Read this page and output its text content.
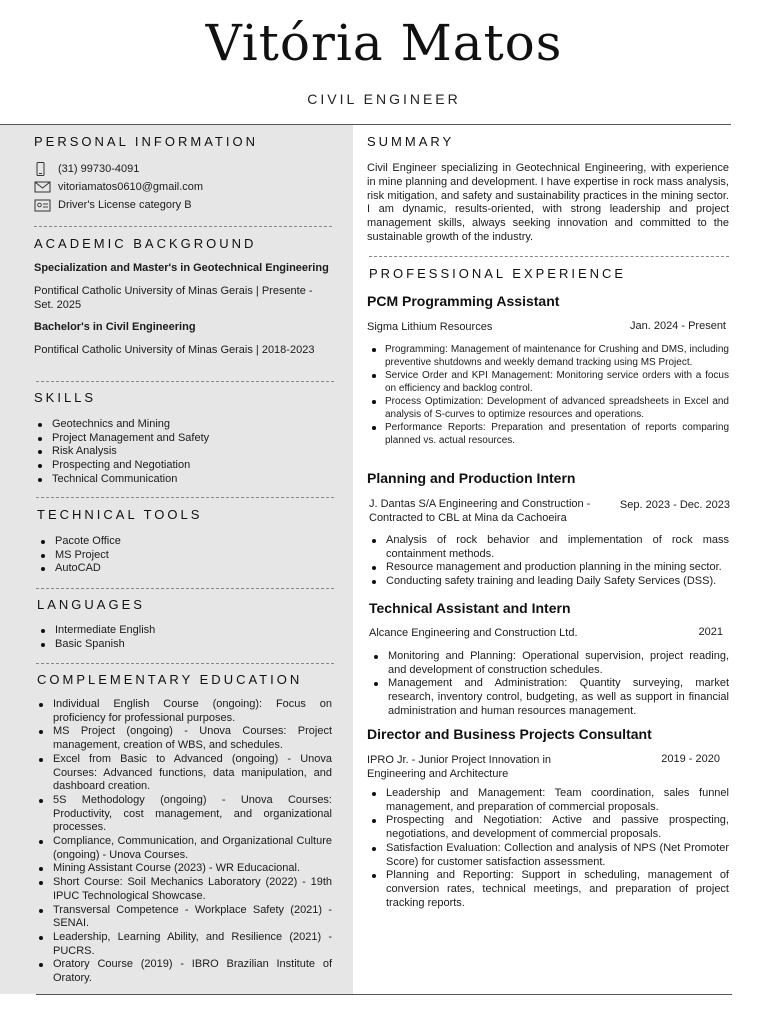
Vitória Matos
CIVIL ENGINEER
PERSONAL INFORMATION
(31) 99730-4091
vitoriamatos0610@gmail.com
Driver's License category B
ACADEMIC BACKGROUND
Specialization and Master's in Geotechnical Engineering
Pontifical Catholic University of Minas Gerais | Presente - Set. 2025
Bachelor's in Civil Engineering
Pontifical Catholic University of Minas Gerais | 2018-2023
SKILLS
Geotechnics and Mining
Project Management and Safety
Risk Analysis
Prospecting and Negotiation
Technical Communication
TECHNICAL TOOLS
Pacote Office
MS Project
AutoCAD
LANGUAGES
Intermediate English
Basic Spanish
COMPLEMENTARY EDUCATION
Individual English Course (ongoing): Focus on proficiency for professional purposes.
MS Project (ongoing) - Unova Courses: Project management, creation of WBS, and schedules.
Excel from Basic to Advanced (ongoing) - Unova Courses: Advanced functions, data manipulation, and dashboard creation.
5S Methodology (ongoing) - Unova Courses: Productivity, cost management, and organizational processes.
Compliance, Communication, and Organizational Culture (ongoing) - Unova Courses.
Mining Assistant Course (2023) - WR Educacional.
Short Course: Soil Mechanics Laboratory (2022) - 19th IPUC Technological Showcase.
Transversal Competence - Workplace Safety (2021) - SENAI.
Leadership, Learning Ability, and Resilience (2021) - PUCRS.
Oratory Course (2019) - IBRO Brazilian Institute of Oratory.
SUMMARY
Civil Engineer specializing in Geotechnical Engineering, with experience in mine planning and development. I have expertise in rock mass analysis, risk mitigation, and safety and sustainability practices in the mining sector. I am dynamic, results-oriented, with strong leadership and project management skills, always seeking innovation and committed to the sustainable growth of the industry.
PROFESSIONAL EXPERIENCE
PCM Programming Assistant
Sigma Lithium Resources	Jan. 2024 - Present
Programming: Management of maintenance for Crushing and DMS, including preventive shutdowns and weekly demand tracking using MS Project.
Service Order and KPI Management: Monitoring service orders with a focus on efficiency and backlog control.
Process Optimization: Development of advanced spreadsheets in Excel and analysis of S-curves to optimize resources and operations.
Performance Reports: Preparation and presentation of reports comparing planned vs. actual resources.
Planning and Production Intern
J. Dantas S/A Engineering and Construction - Contracted to CBL at Mina da Cachoeira
Sep. 2023 - Dec. 2023
Analysis of rock behavior and implementation of rock mass containment methods.
Resource management and production planning in the mining sector.
Conducting safety training and leading Daily Safety Services (DSS).
Technical Assistant and Intern
Alcance Engineering and Construction Ltd.	2021
Monitoring and Planning: Operational supervision, project reading, and development of construction schedules.
Management and Administration: Quantity surveying, market research, inventory control, budgeting, as well as support in financial administration and human resources management.
Director and Business Projects Consultant
IPRO Jr. - Junior Project Innovation in Engineering and Architecture
2019 - 2020
Leadership and Management: Team coordination, sales funnel management, and preparation of commercial proposals.
Prospecting and Negotiation: Active and passive prospecting, negotiations, and development of commercial proposals.
Satisfaction Evaluation: Collection and analysis of NPS (Net Promoter Score) for customer satisfaction assessment.
Planning and Reporting: Support in scheduling, management of conversion rates, technical meetings, and preparation of project tracking reports.
